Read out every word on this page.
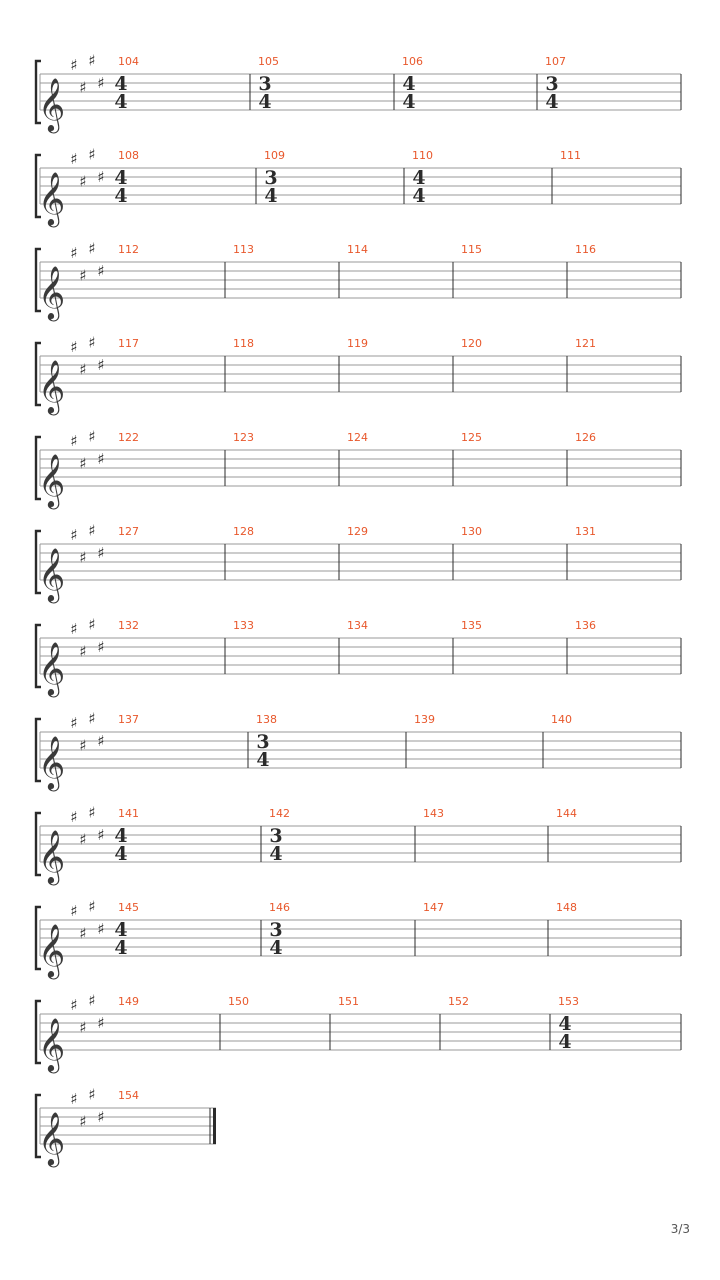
𝄞
♯
♯
♯
♯
104
4
4
105
3
4
106
4
4
107
3
4
𝄞
♯
♯
♯
♯
108
4
4
109
3
4
110
4
4
111
𝄞
♯
♯
♯
♯
112	113	114	115	116
𝄞
♯
♯
♯
♯
117	118	119	120	121
𝄞
♯
♯
♯
♯
122	123	124	125	126
𝄞
♯
♯
♯
♯
127	128	129	130	131
𝄞
♯
♯
♯
♯
132	133	134	135	136
𝄞
♯
♯
♯
♯
137	138
3
4
139	140
𝄞
♯
♯
♯
♯
141
4
4
142
3
4
143	144
𝄞
♯
♯
♯
♯
145
4
4
146
3
4
147	148
𝄞
♯
♯
♯
♯
149	150	151	152	153
4
4
𝄞
♯
♯
♯
♯
154
3/3
